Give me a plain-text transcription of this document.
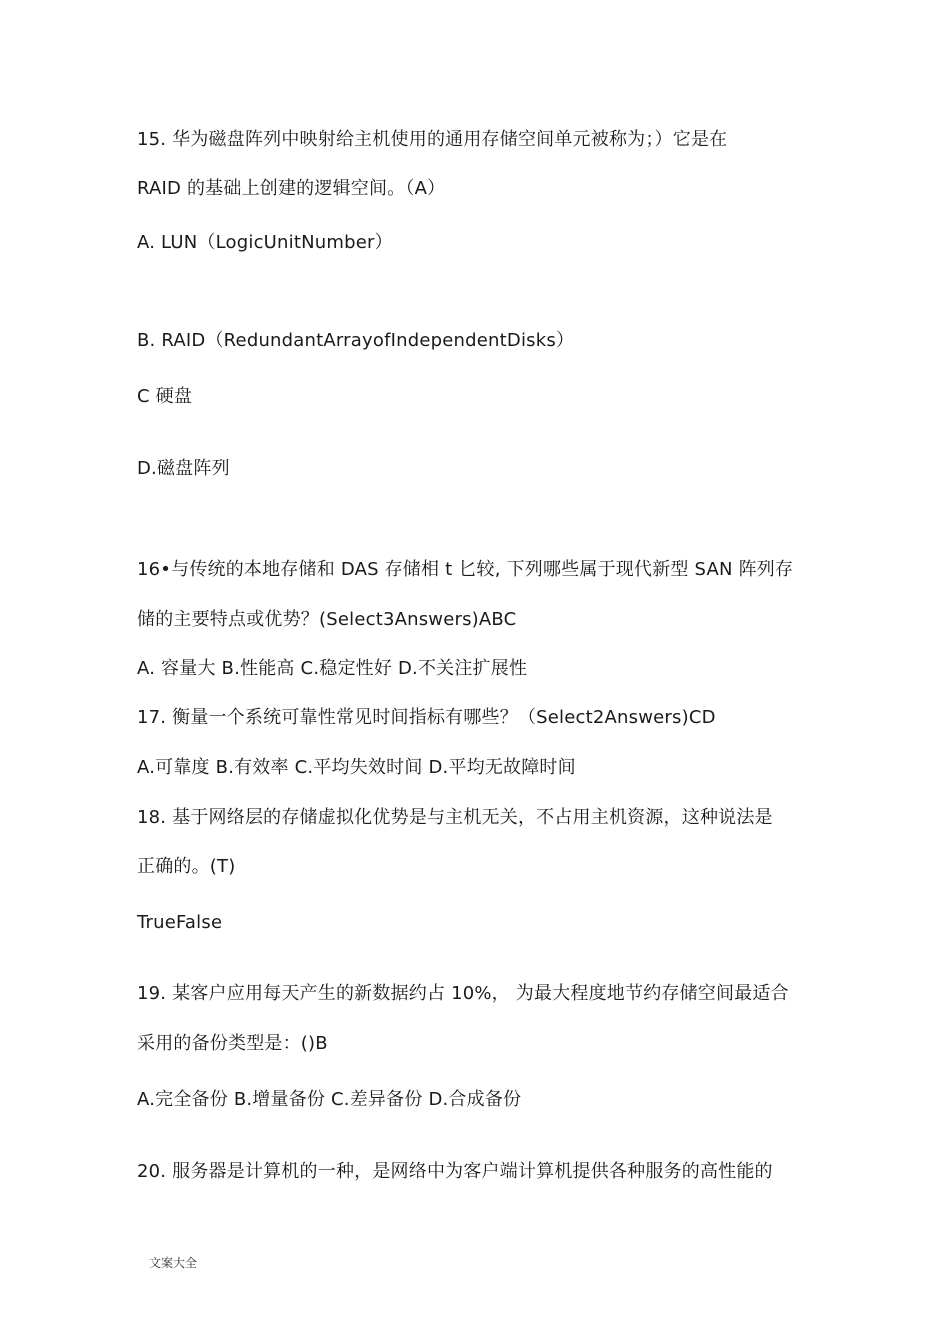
15. 华为磁盘阵列中映射给主机使用的通用存储空间单元被称为；）它是在
RAID 的基础上创建的逻辑空间。（A）
A. LUN（LogicUnitNumber）
B. RAID（RedundantArrayofIndependentDisks）
C 硬盘
D.磁盘阵列
16•与传统的本地存储和 DAS 存储相 t 匕较, 下列哪些属于现代新型 SAN 阵列存
储的主要特点或优势？(Select3Answers)ABC
A. 容量大 B.性能高 C.稳定性好 D.不关注扩展性
17. 衡量一个系统可靠性常见时间指标有哪些？（Select2Answers)CD
A.可靠度 B.有效率 C.平均失效时间 D.平均无故障时间
18. 基于网络层的存储虚拟化优势是与主机无关，不占用主机资源，这种说法是
正确的。(T)
TrueFalse
19. 某客户应用每天产生的新数据约占 10%， 为最大程度地节约存储空间最适合
采用的备份类型是：()B
A.完全备份 B.增量备份 C.差异备份 D.合成备份
20. 服务器是计算机的一种，是网络中为客户端计算机提供各种服务的高性能的
文案大全
